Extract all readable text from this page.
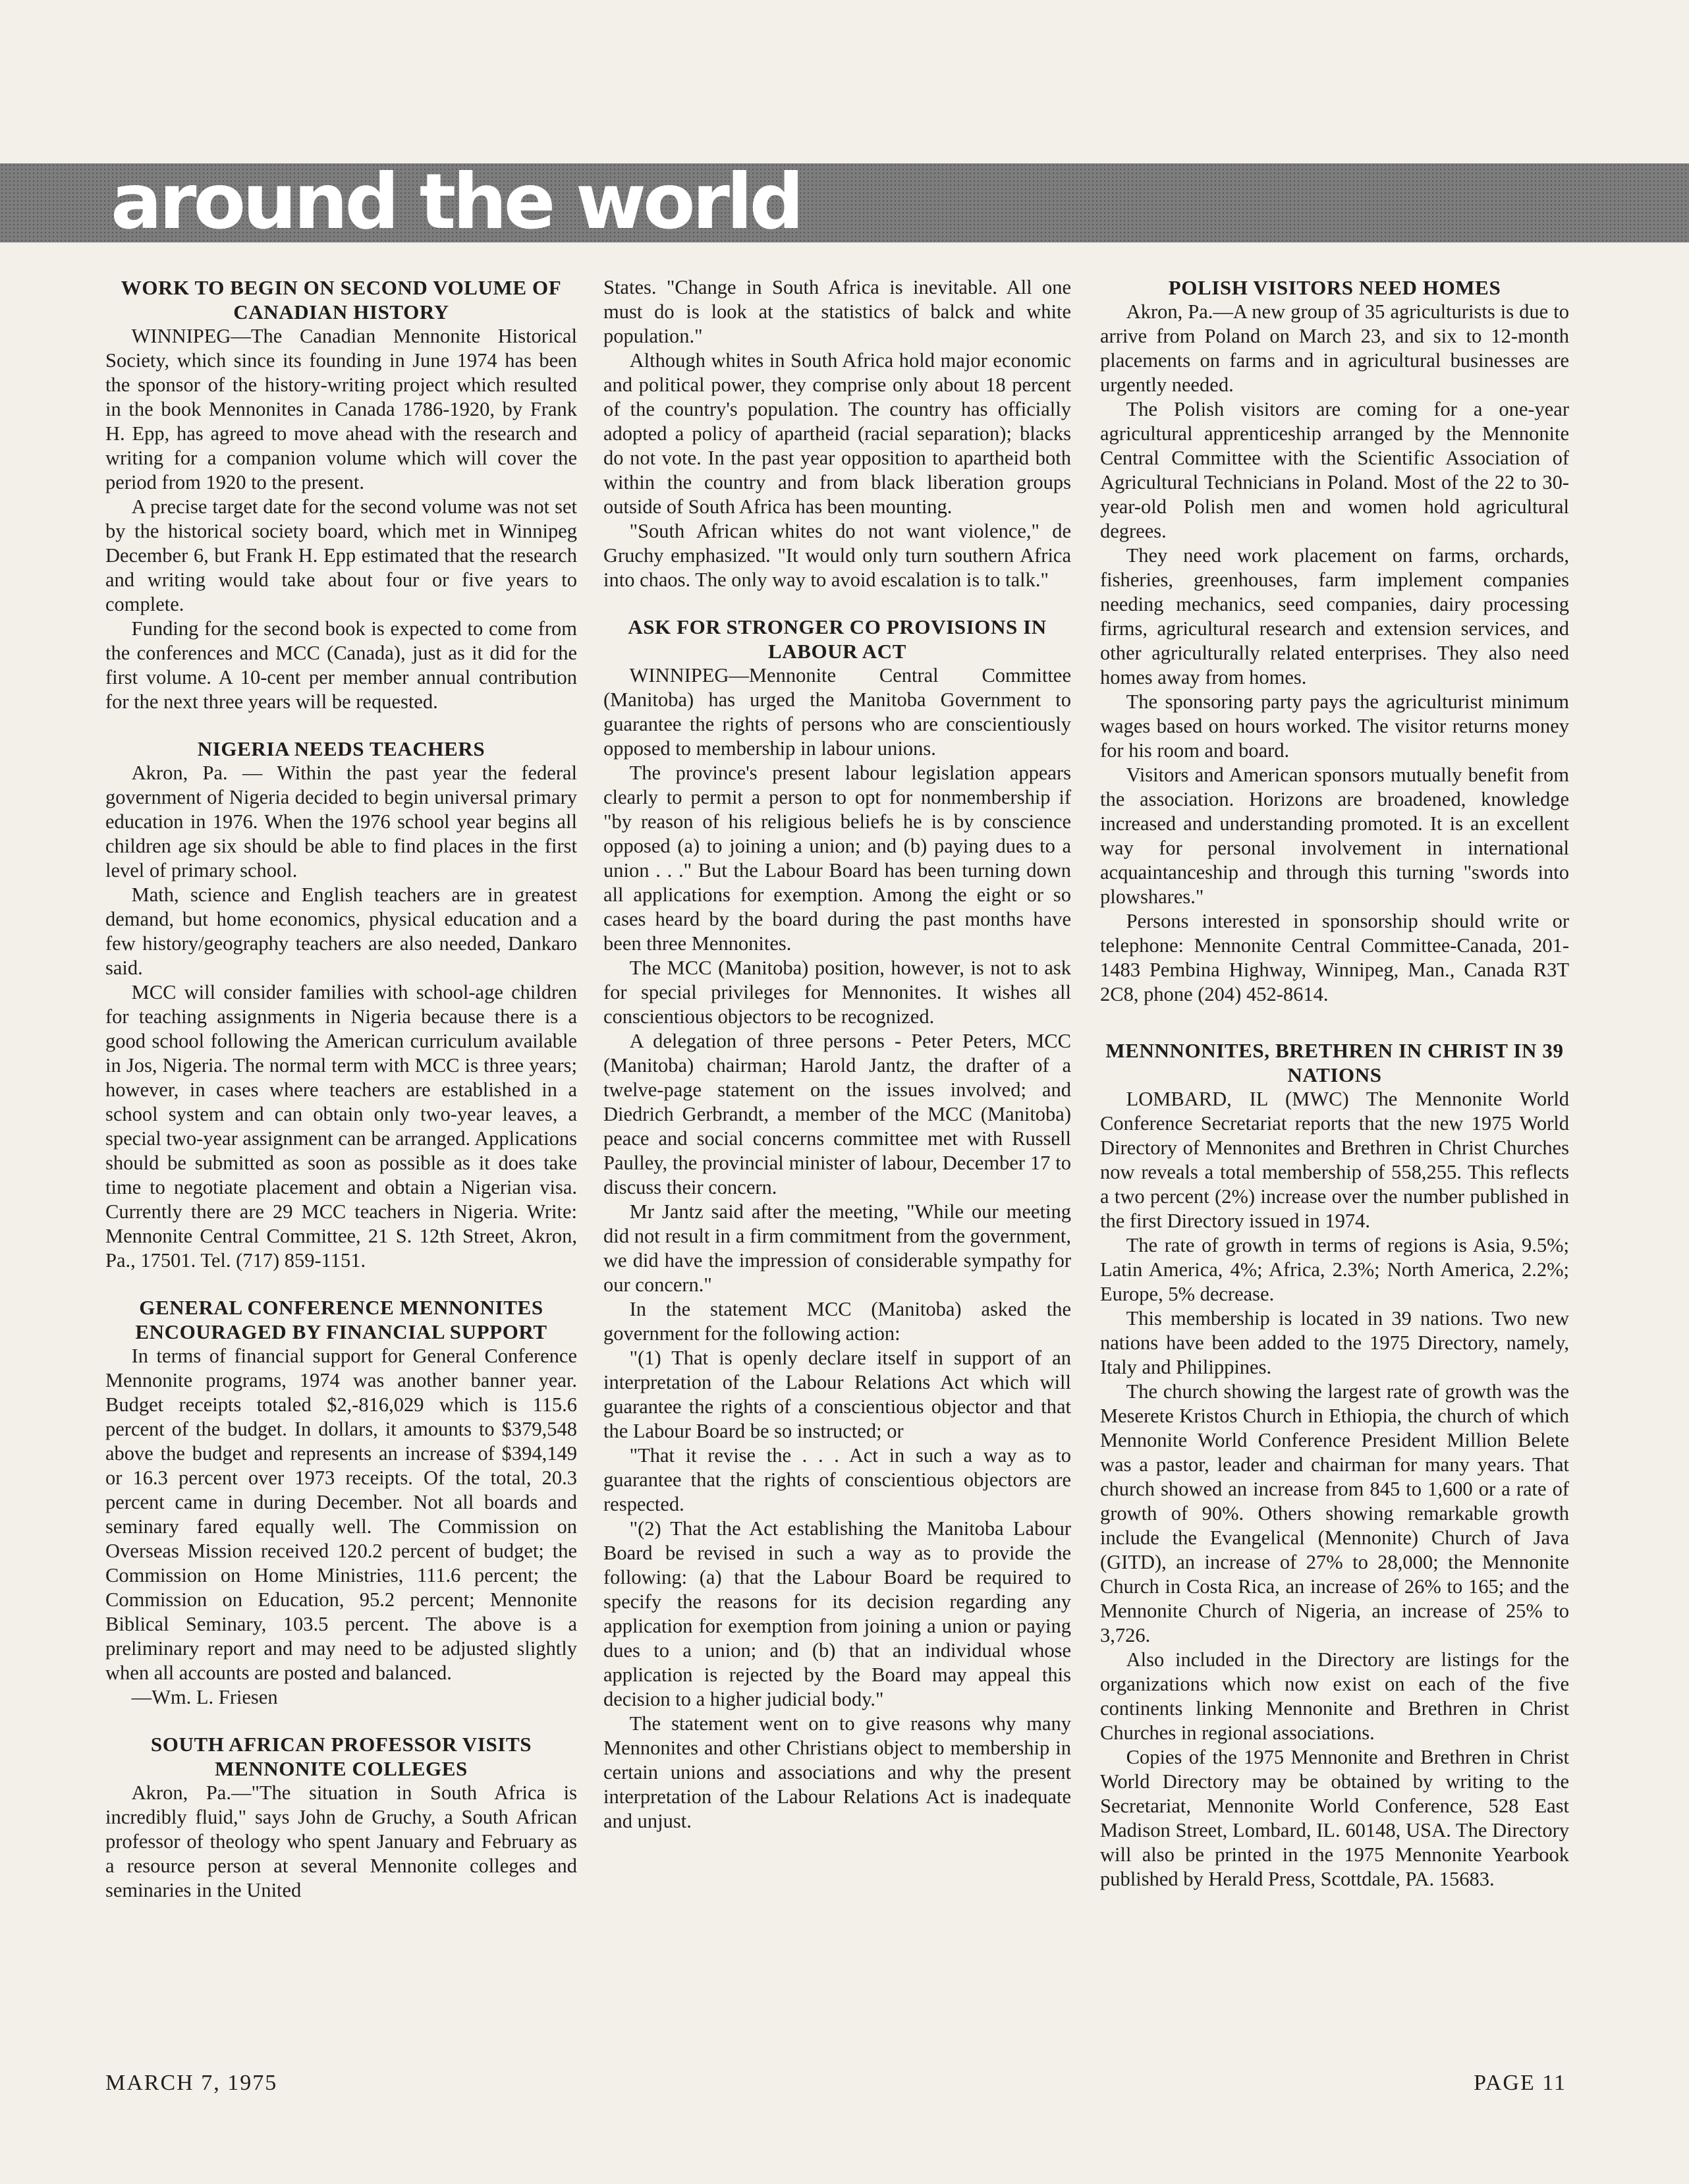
around the world
WORK TO BEGIN ON SECOND VOLUME OF CANADIAN HISTORY

WINNIPEG—The Canadian Mennonite Historical Society, which since its founding in June 1974 has been the sponsor of the history-writing project which resulted in the book Mennonites in Canada 1786-1920, by Frank H. Epp, has agreed to move ahead with the research and writing for a companion volume which will cover the period from 1920 to the present.

A precise target date for the second volume was not set by the historical society board, which met in Winnipeg December 6, but Frank H. Epp estimated that the research and writing would take about four or five years to complete.

Funding for the second book is expected to come from the conferences and MCC (Canada), just as it did for the first volume. A 10-cent per member annual contribution for the next three years will be requested.

NIGERIA NEEDS TEACHERS

Akron, Pa. — Within the past year the federal government of Nigeria decided to begin universal primary education in 1976. When the 1976 school year begins all children age six should be able to find places in the first level of primary school.

Math, science and English teachers are in greatest demand, but home economics, physical education and a few history/geography teachers are also needed, Dankaro said.

MCC will consider families with school-age children for teaching assignments in Nigeria because there is a good school following the American curriculum available in Jos, Nigeria. The normal term with MCC is three years; however, in cases where teachers are established in a school system and can obtain only two-year leaves, a special two-year assignment can be arranged. Applications should be submitted as soon as possible as it does take time to negotiate placement and obtain a Nigerian visa. Currently there are 29 MCC teachers in Nigeria. Write: Mennonite Central Committee, 21 S. 12th Street, Akron, Pa., 17501. Tel. (717) 859-1151.

GENERAL CONFERENCE MENNONITES ENCOURAGED BY FINANCIAL SUPPORT

In terms of financial support for General Conference Mennonite programs, 1974 was another banner year. Budget receipts totaled $2,-816,029 which is 115.6 percent of the budget. In dollars, it amounts to $379,548 above the budget and represents an increase of $394,149 or 16.3 percent over 1973 receipts. Of the total, 20.3 percent came in during December. Not all boards and seminary fared equally well. The Commission on Overseas Mission received 120.2 percent of budget; the Commission on Home Ministries, 111.6 percent; the Commission on Education, 95.2 percent; Mennonite Biblical Seminary, 103.5 percent. The above is a preliminary report and may need to be adjusted slightly when all accounts are posted and balanced.

—Wm. L. Friesen

SOUTH AFRICAN PROFESSOR VISITS MENNONITE COLLEGES

Akron, Pa.—"The situation in South Africa is incredibly fluid," says John de Gruchy, a South African professor of theology who spent January and February as a resource person at several Mennonite colleges and seminaries in the United

States. "Change in South Africa is inevitable. All one must do is look at the statistics of balck and white population."

Although whites in South Africa hold major economic and political power, they comprise only about 18 percent of the country's population. The country has officially adopted a policy of apartheid (racial separation); blacks do not vote. In the past year opposition to apartheid both within the country and from black liberation groups outside of South Africa has been mounting.

"South African whites do not want violence," de Gruchy emphasized. "It would only turn southern Africa into chaos. The only way to avoid escalation is to talk."

ASK FOR STRONGER CO PROVISIONS IN LABOUR ACT

WINNIPEG—Mennonite Central Committee (Manitoba) has urged the Manitoba Government to guarantee the rights of persons who are conscientiously opposed to membership in labour unions.

The province's present labour legislation appears clearly to permit a person to opt for nonmembership if "by reason of his religious beliefs he is by conscience opposed (a) to joining a union; and (b) paying dues to a union . . ." But the Labour Board has been turning down all applications for exemption. Among the eight or so cases heard by the board during the past months have been three Mennonites.

The MCC (Manitoba) position, however, is not to ask for special privileges for Mennonites. It wishes all conscientious objectors to be recognized.

A delegation of three persons - Peter Peters, MCC (Manitoba) chairman; Harold Jantz, the drafter of a twelve-page statement on the issues involved; and Diedrich Gerbrandt, a member of the MCC (Manitoba) peace and social concerns committee met with Russell Paulley, the provincial minister of labour, December 17 to discuss their concern.

Mr Jantz said after the meeting, "While our meeting did not result in a firm commitment from the government, we did have the impression of considerable sympathy for our concern."

In the statement MCC (Manitoba) asked the government for the following action:

"(1) That is openly declare itself in support of an interpretation of the Labour Relations Act which will guarantee the rights of a conscientious objector and that the Labour Board be so instructed; or

"That it revise the . . . Act in such a way as to guarantee that the rights of conscientious objectors are respected.

"(2) That the Act establishing the Manitoba Labour Board be revised in such a way as to provide the following: (a) that the Labour Board be required to specify the reasons for its decision regarding any application for exemption from joining a union or paying dues to a union; and (b) that an individual whose application is rejected by the Board may appeal this decision to a higher judicial body."

The statement went on to give reasons why many Mennonites and other Christians object to membership in certain unions and associations and why the present interpretation of the Labour Relations Act is inadequate and unjust.

POLISH VISITORS NEED HOMES

Akron, Pa.—A new group of 35 agriculturists is due to arrive from Poland on March 23, and six to 12-month placements on farms and in agricultural businesses are urgently needed.

The Polish visitors are coming for a one-year agricultural apprenticeship arranged by the Mennonite Central Committee with the Scientific Association of Agricultural Technicians in Poland. Most of the 22 to 30-year-old Polish men and women hold agricultural degrees.

They need work placement on farms, orchards, fisheries, greenhouses, farm implement companies needing mechanics, seed companies, dairy processing firms, agricultural research and extension services, and other agriculturally related enterprises. They also need homes away from homes.

The sponsoring party pays the agriculturist minimum wages based on hours worked. The visitor returns money for his room and board.

Visitors and American sponsors mutually benefit from the association. Horizons are broadened, knowledge increased and understanding promoted. It is an excellent way for personal involvement in international acquaintanceship and through this turning "swords into plowshares."

Persons interested in sponsorship should write or telephone: Mennonite Central Committee-Canada, 201-1483 Pembina Highway, Winnipeg, Man., Canada R3T 2C8, phone (204) 452-8614.

MENNNONITES, BRETHREN IN CHRIST IN 39 NATIONS

LOMBARD, IL (MWC) The Mennonite World Conference Secretariat reports that the new 1975 World Directory of Mennonites and Brethren in Christ Churches now reveals a total membership of 558,255. This reflects a two percent (2%) increase over the number published in the first Directory issued in 1974.

The rate of growth in terms of regions is Asia, 9.5%; Latin America, 4%; Africa, 2.3%; North America, 2.2%; Europe, 5% decrease.

This membership is located in 39 nations. Two new nations have been added to the 1975 Directory, namely, Italy and Philippines.

The church showing the largest rate of growth was the Meserete Kristos Church in Ethiopia, the church of which Mennonite World Conference President Million Belete was a pastor, leader and chairman for many years. That church showed an increase from 845 to 1,600 or a rate of growth of 90%. Others showing remarkable growth include the Evangelical (Mennonite) Church of Java (GITD), an increase of 27% to 28,000; the Mennonite Church in Costa Rica, an increase of 26% to 165; and the Mennonite Church of Nigeria, an increase of 25% to 3,726.

Also included in the Directory are listings for the organizations which now exist on each of the five continents linking Mennonite and Brethren in Christ Churches in regional associations.

Copies of the 1975 Mennonite and Brethren in Christ World Directory may be obtained by writing to the Secretariat, Mennonite World Conference, 528 East Madison Street, Lombard, IL. 60148, USA. The Directory will also be printed in the 1975 Mennonite Yearbook published by Herald Press, Scottdale, PA. 15683.

MARCH 7, 1975	PAGE 11
